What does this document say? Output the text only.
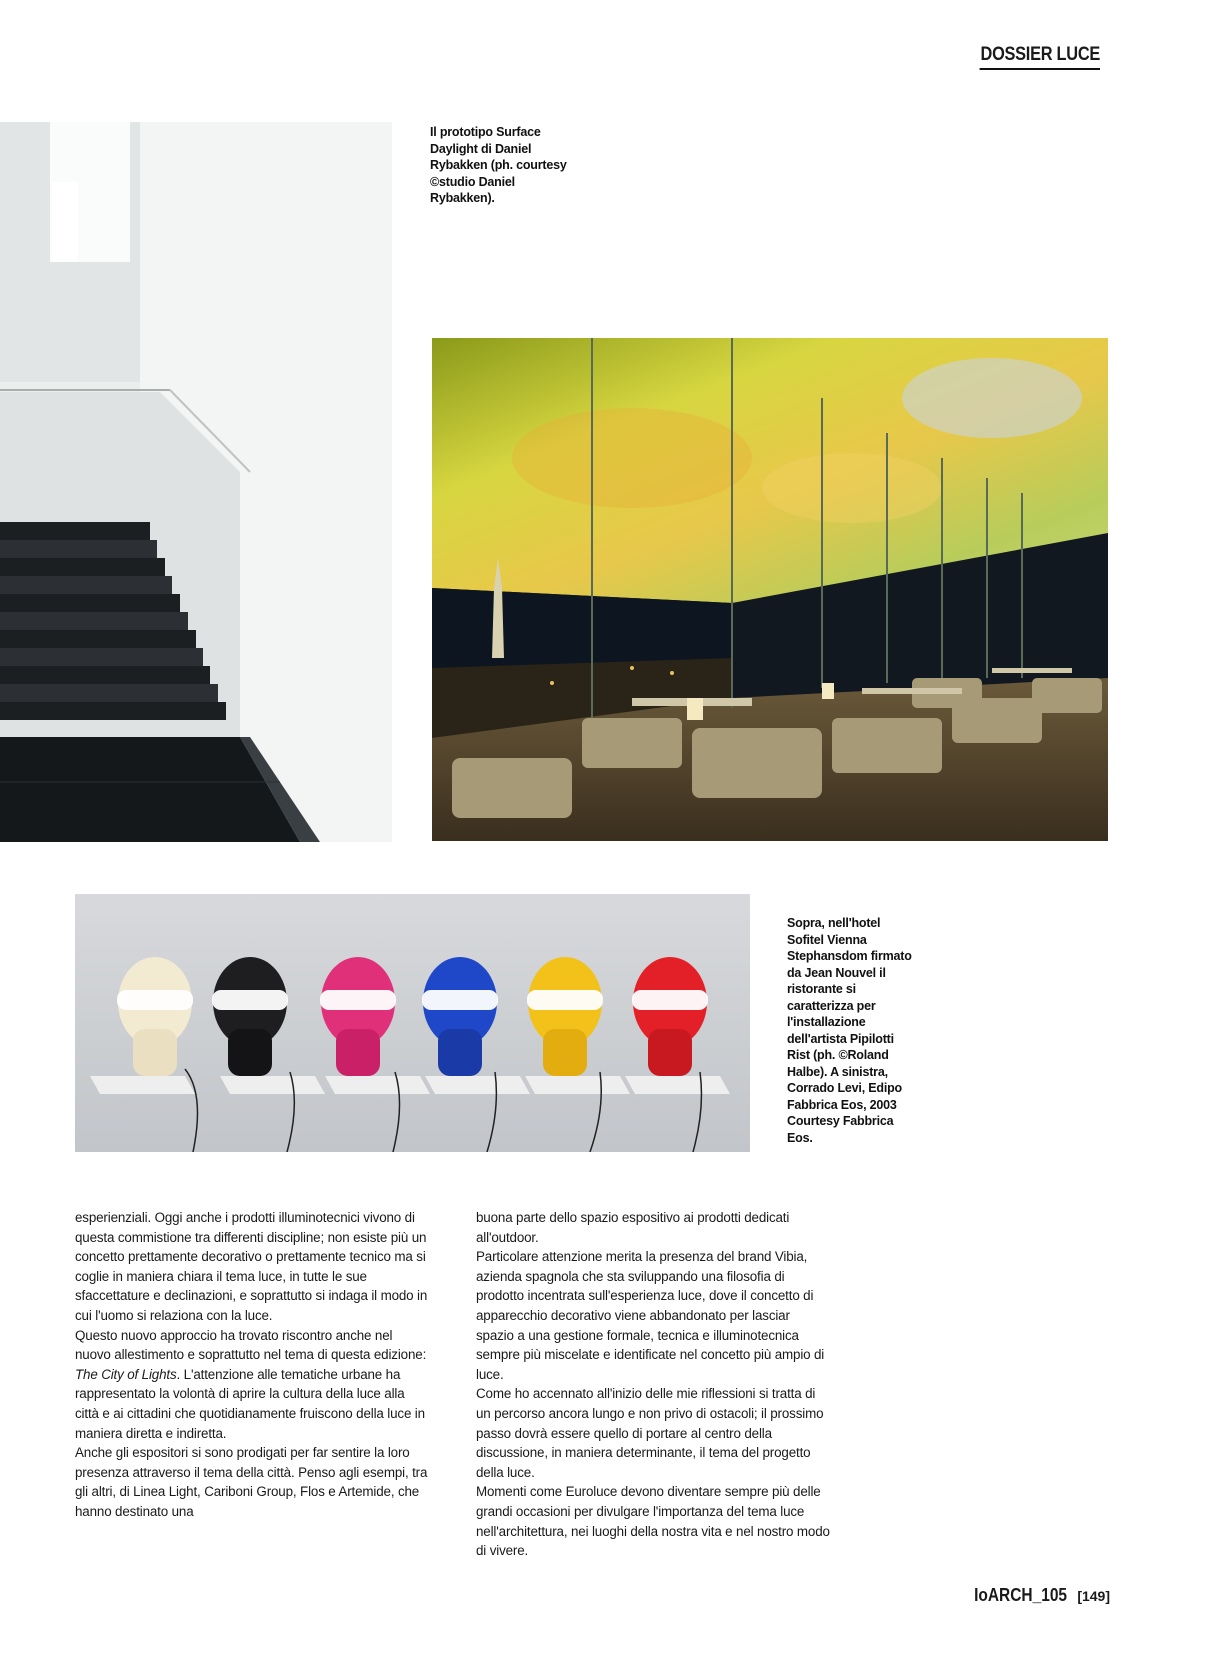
DOSSIER LUCE

Il prototipo Surface Daylight di Daniel Rybakken (ph. courtesy ©studio Daniel Rybakken).

Sopra, nell'hotel Sofitel Vienna Stephansdom firmato da Jean Nouvel il ristorante si caratterizza per l'installazione dell'artista Pipilotti Rist (ph. ©Roland Halbe). A sinistra, Corrado Levi, Edipo Fabbrica Eos, 2003 Courtesy Fabbrica Eos.

esperienziali. Oggi anche i prodotti illuminotecnici vivono di questa commistione tra differenti discipline; non esiste più un concetto prettamente decorativo o prettamente tecnico ma si coglie in maniera chiara il tema luce, in tutte le sue sfaccettature e declinazioni, e soprattutto si indaga il modo in cui l'uomo si relaziona con la luce.

Questo nuovo approccio ha trovato riscontro anche nel nuovo allestimento e soprattutto nel tema di questa edizione: The City of Lights. L'attenzione alle tematiche urbane ha rappresentato la volontà di aprire la cultura della luce alla città e ai cittadini che quotidianamente fruiscono della luce in maniera diretta e indiretta.

Anche gli espositori si sono prodigati per far sentire la loro presenza attraverso il tema della città. Penso agli esempi, tra gli altri, di Linea Light, Cariboni Group, Flos e Artemide, che hanno destinato una

buona parte dello spazio espositivo ai prodotti dedicati all'outdoor.

Particolare attenzione merita la presenza del brand Vibia, azienda spagnola che sta sviluppando una filosofia di prodotto incentrata sull'esperienza luce, dove il concetto di apparecchio decorativo viene abbandonato per lasciar spazio a una gestione formale, tecnica e illuminotecnica sempre più miscelate e identificate nel concetto più ampio di luce.

Come ho accennato all'inizio delle mie riflessioni si tratta di un percorso ancora lungo e non privo di ostacoli; il prossimo passo dovrà essere quello di portare al centro della discussione, in maniera determinante, il tema del progetto della luce.

Momenti come Euroluce devono diventare sempre più delle grandi occasioni per divulgare l'importanza del tema luce nell'architettura, nei luoghi della nostra vita e nel nostro modo di vivere.

IoARCH_105 [149]
